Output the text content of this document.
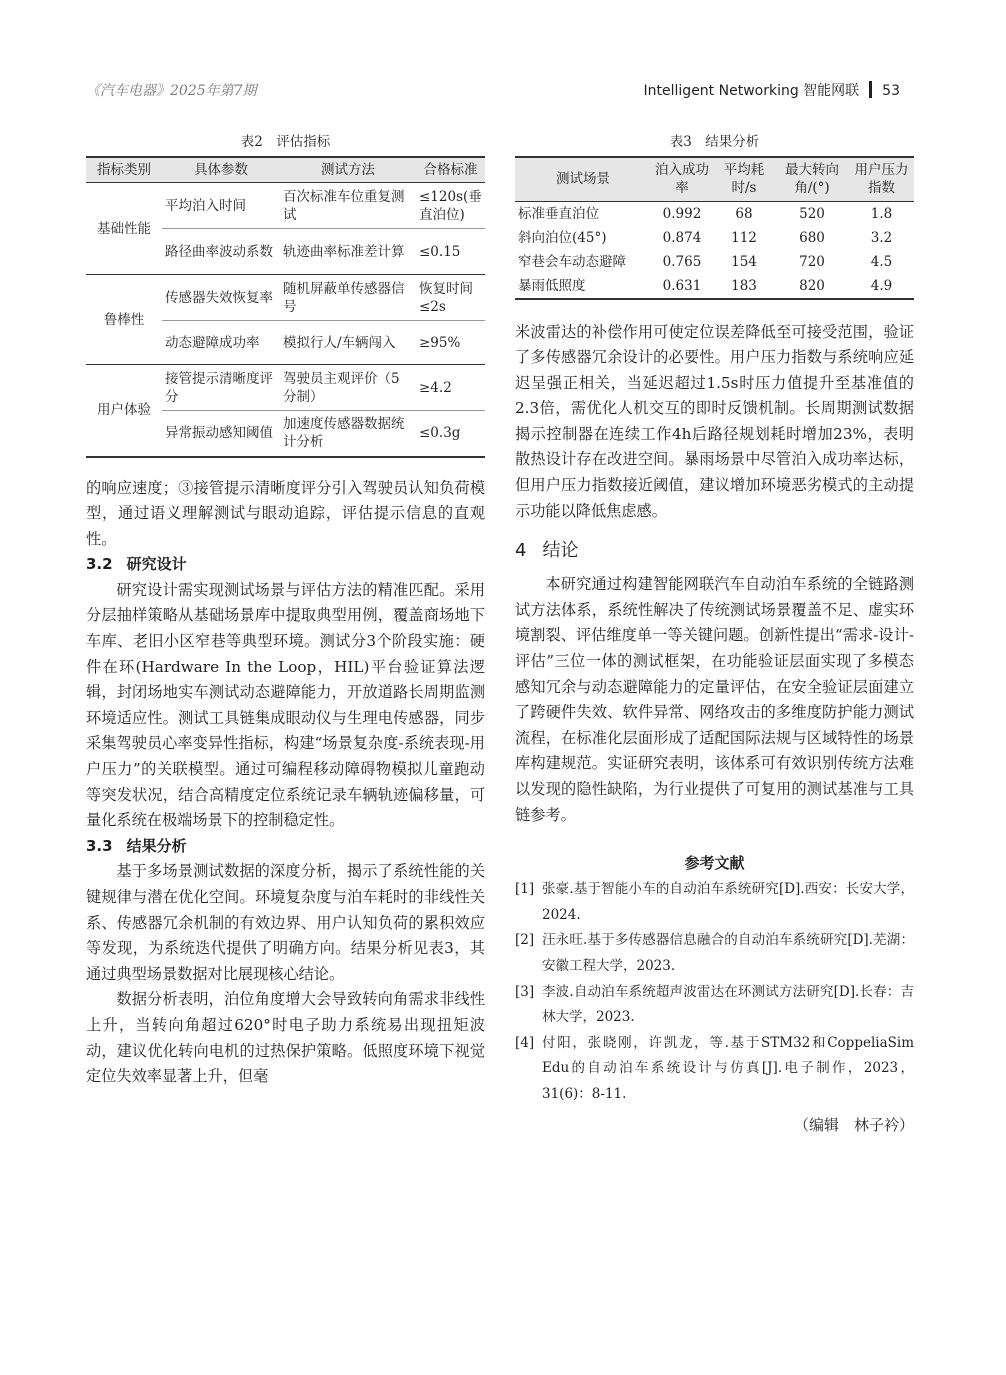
《汽车电器》2025年第7期	Intelligent Networking 智能网联 53
表2　评估指标
指标类别	具体参数	测试方法	合格标准
基础性能	平均泊入时间	百次标准车位重复测试	≤120s(垂直泊位)
	路径曲率波动系数	轨迹曲率标准差计算	≤0.15
鲁棒性	传感器失效恢复率	随机屏蔽单传感器信号	恢复时间≤2s
	动态避障成功率	模拟行人/车辆闯入	≥95%
用户体验	接管提示清晰度评分	驾驶员主观评价（5分制）	≥4.2
	异常振动感知阈值	加速度传感器数据统计分析	≤0.3g

的响应速度；③接管提示清晰度评分引入驾驶员认知负荷模型，通过语义理解测试与眼动追踪，评估提示信息的直观性。

3.2 研究设计

研究设计需实现测试场景与评估方法的精准匹配。采用分层抽样策略从基础场景库中提取典型用例，覆盖商场地下车库、老旧小区窄巷等典型环境。测试分3个阶段实施：硬件在环(Hardware In the Loop，HIL)平台验证算法逻辑，封闭场地实车测试动态避障能力，开放道路长周期监测环境适应性。测试工具链集成眼动仪与生理电传感器，同步采集驾驶员心率变异性指标，构建“场景复杂度-系统表现-用户压力”的关联模型。通过可编程移动障碍物模拟儿童跑动等突发状况，结合高精度定位系统记录车辆轨迹偏移量，可量化系统在极端场景下的控制稳定性。

3.3 结果分析

基于多场景测试数据的深度分析，揭示了系统性能的关键规律与潜在优化空间。环境复杂度与泊车耗时的非线性关系、传感器冗余机制的有效边界、用户认知负荷的累积效应等发现，为系统迭代提供了明确方向。结果分析见表3，其通过典型场景数据对比展现核心结论。

数据分析表明，泊位角度增大会导致转向角需求非线性上升，当转向角超过620°时电子助力系统易出现扭矩波动，建议优化转向电机的过热保护策略。低照度环境下视觉定位失效率显著上升，但毫

表3　结果分析
测试场景	泊入成功率	平均耗时/s	最大转向角/(°)	用户压力指数
标准垂直泊位	0.992	68	520	1.8
斜向泊位(45°)	0.874	112	680	3.2
窄巷会车动态避障	0.765	154	720	4.5
暴雨低照度	0.631	183	820	4.9

米波雷达的补偿作用可使定位误差降低至可接受范围，验证了多传感器冗余设计的必要性。用户压力指数与系统响应延迟呈强正相关，当延迟超过1.5s时压力值提升至基准值的2.3倍，需优化人机交互的即时反馈机制。长周期测试数据揭示控制器在连续工作4h后路径规划耗时增加23%，表明散热设计存在改进空间。暴雨场景中尽管泊入成功率达标，但用户压力指数接近阈值，建议增加环境恶劣模式的主动提示功能以降低焦虑感。

4 结论

本研究通过构建智能网联汽车自动泊车系统的全链路测试方法体系，系统性解决了传统测试场景覆盖不足、虚实环境割裂、评估维度单一等关键问题。创新性提出“需求-设计-评估”三位一体的测试框架，在功能验证层面实现了多模态感知冗余与动态避障能力的定量评估，在安全验证层面建立了跨硬件失效、软件异常、网络攻击的多维度防护能力测试流程，在标准化层面形成了适配国际法规与区域特性的场景库构建规范。实证研究表明，该体系可有效识别传统方法难以发现的隐性缺陷，为行业提供了可复用的测试基准与工具链参考。

参考文献
[1] 张豪.基于智能小车的自动泊车系统研究[D].西安：长安大学，2024.
[2] 汪永旺.基于多传感器信息融合的自动泊车系统研究[D].芜湖：安徽工程大学，2023.
[3] 李波.自动泊车系统超声波雷达在环测试方法研究[D].长春：吉林大学，2023.
[4] 付阳，张晓刚，许凯龙，等.基于STM32和CoppeliaSim Edu的自动泊车系统设计与仿真[J].电子制作，2023，31(6)：8-11.
（编辑　林子衿）
